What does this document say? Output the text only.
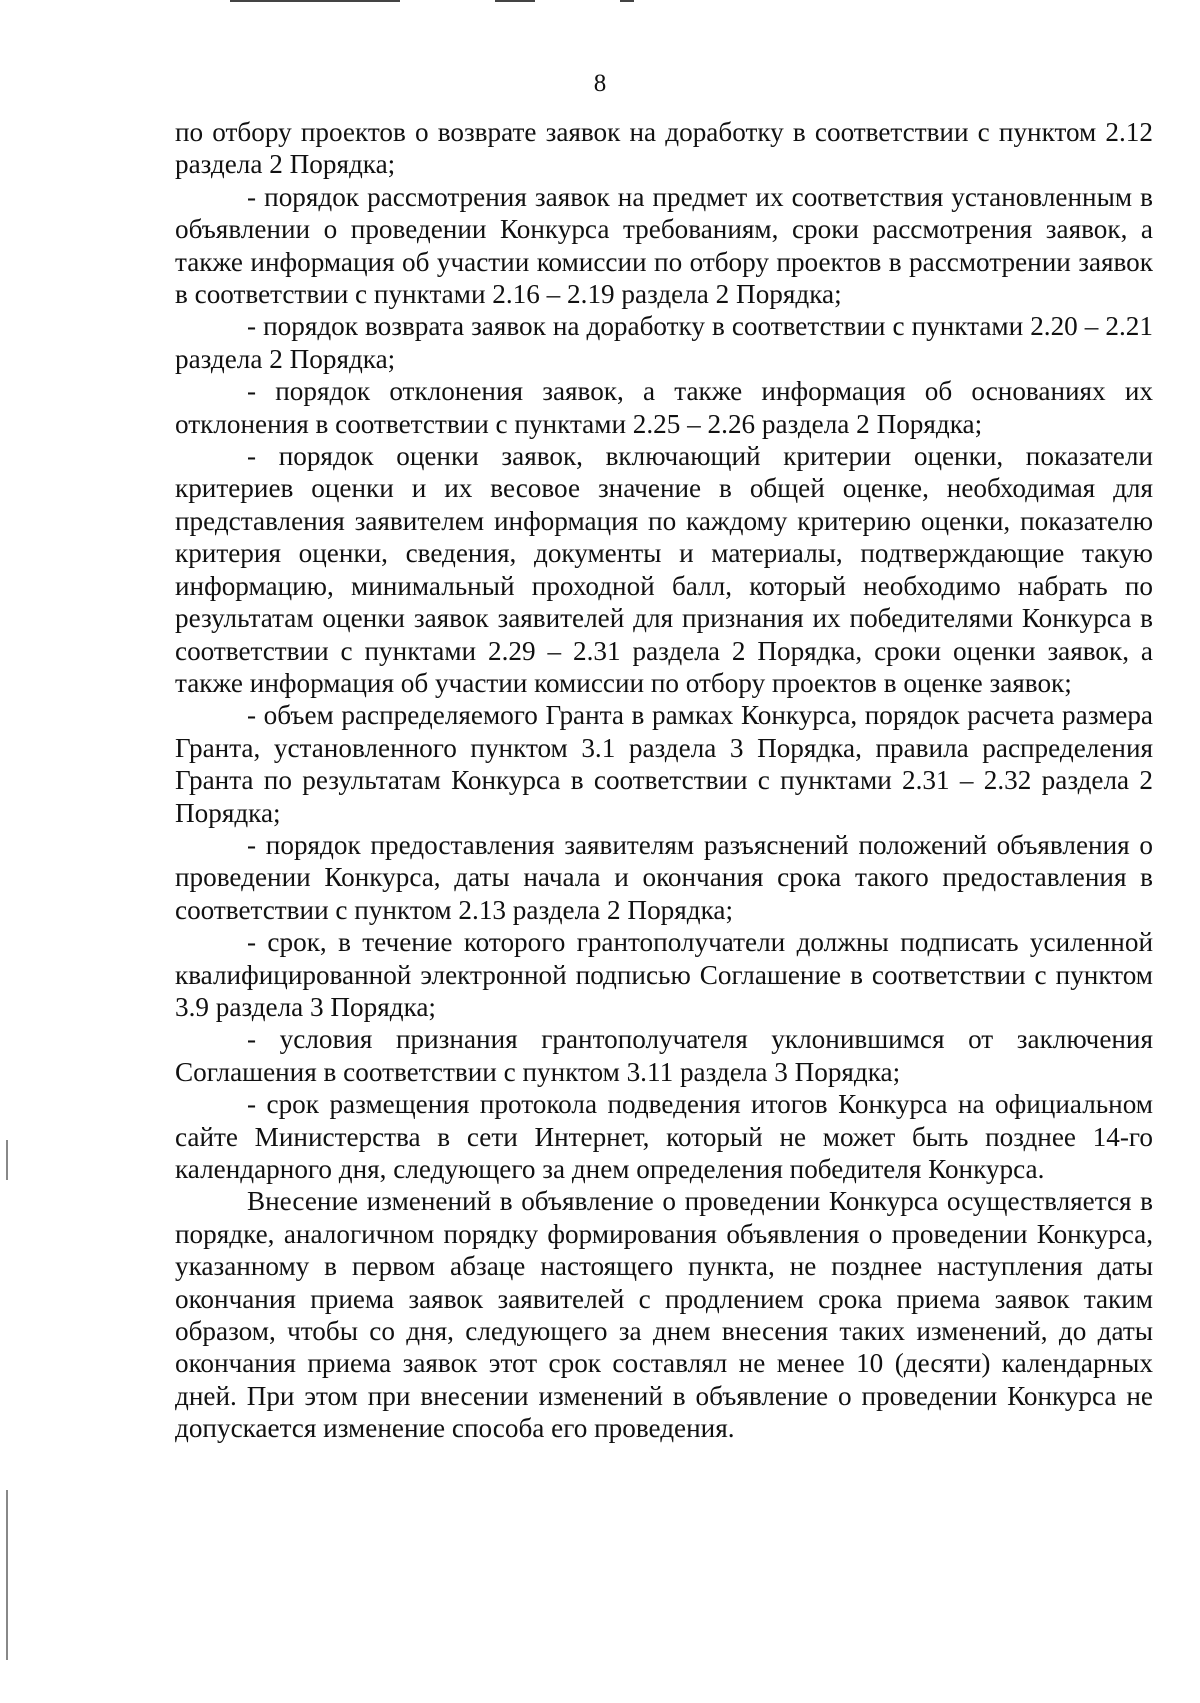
8

по отбору проектов о возврате заявок на доработку в соответствии с пунктом 2.12 раздела 2 Порядка;

- порядок рассмотрения заявок на предмет их соответствия установленным в объявлении о проведении Конкурса требованиям, сроки рассмотрения заявок, а также информация об участии комиссии по отбору проектов в рассмотрении заявок в соответствии с пунктами 2.16 – 2.19 раздела 2 Порядка;

- порядок возврата заявок на доработку в соответствии с пунктами 2.20 – 2.21 раздела 2 Порядка;

- порядок отклонения заявок, а также информация об основаниях их отклонения в соответствии с пунктами 2.25 – 2.26 раздела 2 Порядка;

- порядок оценки заявок, включающий критерии оценки, показатели критериев оценки и их весовое значение в общей оценке, необходимая для представления заявителем информация по каждому критерию оценки, показателю критерия оценки, сведения, документы и материалы, подтверждающие такую информацию, минимальный проходной балл, который необходимо набрать по результатам оценки заявок заявителей для признания их победителями Конкурса в соответствии с пунктами 2.29 – 2.31 раздела 2 Порядка, сроки оценки заявок, а также информация об участии комиссии по отбору проектов в оценке заявок;

- объем распределяемого Гранта в рамках Конкурса, порядок расчета размера Гранта, установленного пунктом 3.1 раздела 3 Порядка, правила распределения Гранта по результатам Конкурса в соответствии с пунктами 2.31 – 2.32 раздела 2 Порядка;

- порядок предоставления заявителям разъяснений положений объявления о проведении Конкурса, даты начала и окончания срока такого предоставления в соответствии с пунктом 2.13 раздела 2 Порядка;

- срок, в течение которого грантополучатели должны подписать усиленной квалифицированной электронной подписью Соглашение в соответствии с пунктом 3.9 раздела 3 Порядка;

- условия признания грантополучателя уклонившимся от заключения Соглашения в соответствии с пунктом 3.11 раздела 3 Порядка;

- срок размещения протокола подведения итогов Конкурса на официальном сайте Министерства в сети Интернет, который не может быть позднее 14-го календарного дня, следующего за днем определения победителя Конкурса.

Внесение изменений в объявление о проведении Конкурса осуществляется в порядке, аналогичном порядку формирования объявления о проведении Конкурса, указанному в первом абзаце настоящего пункта, не позднее наступления даты окончания приема заявок заявителей с продлением срока приема заявок таким образом, чтобы со дня, следующего за днем внесения таких изменений, до даты окончания приема заявок этот срок составлял не менее 10 (десяти) календарных дней. При этом при внесении изменений в объявление о проведении Конкурса не допускается изменение способа его проведения.
